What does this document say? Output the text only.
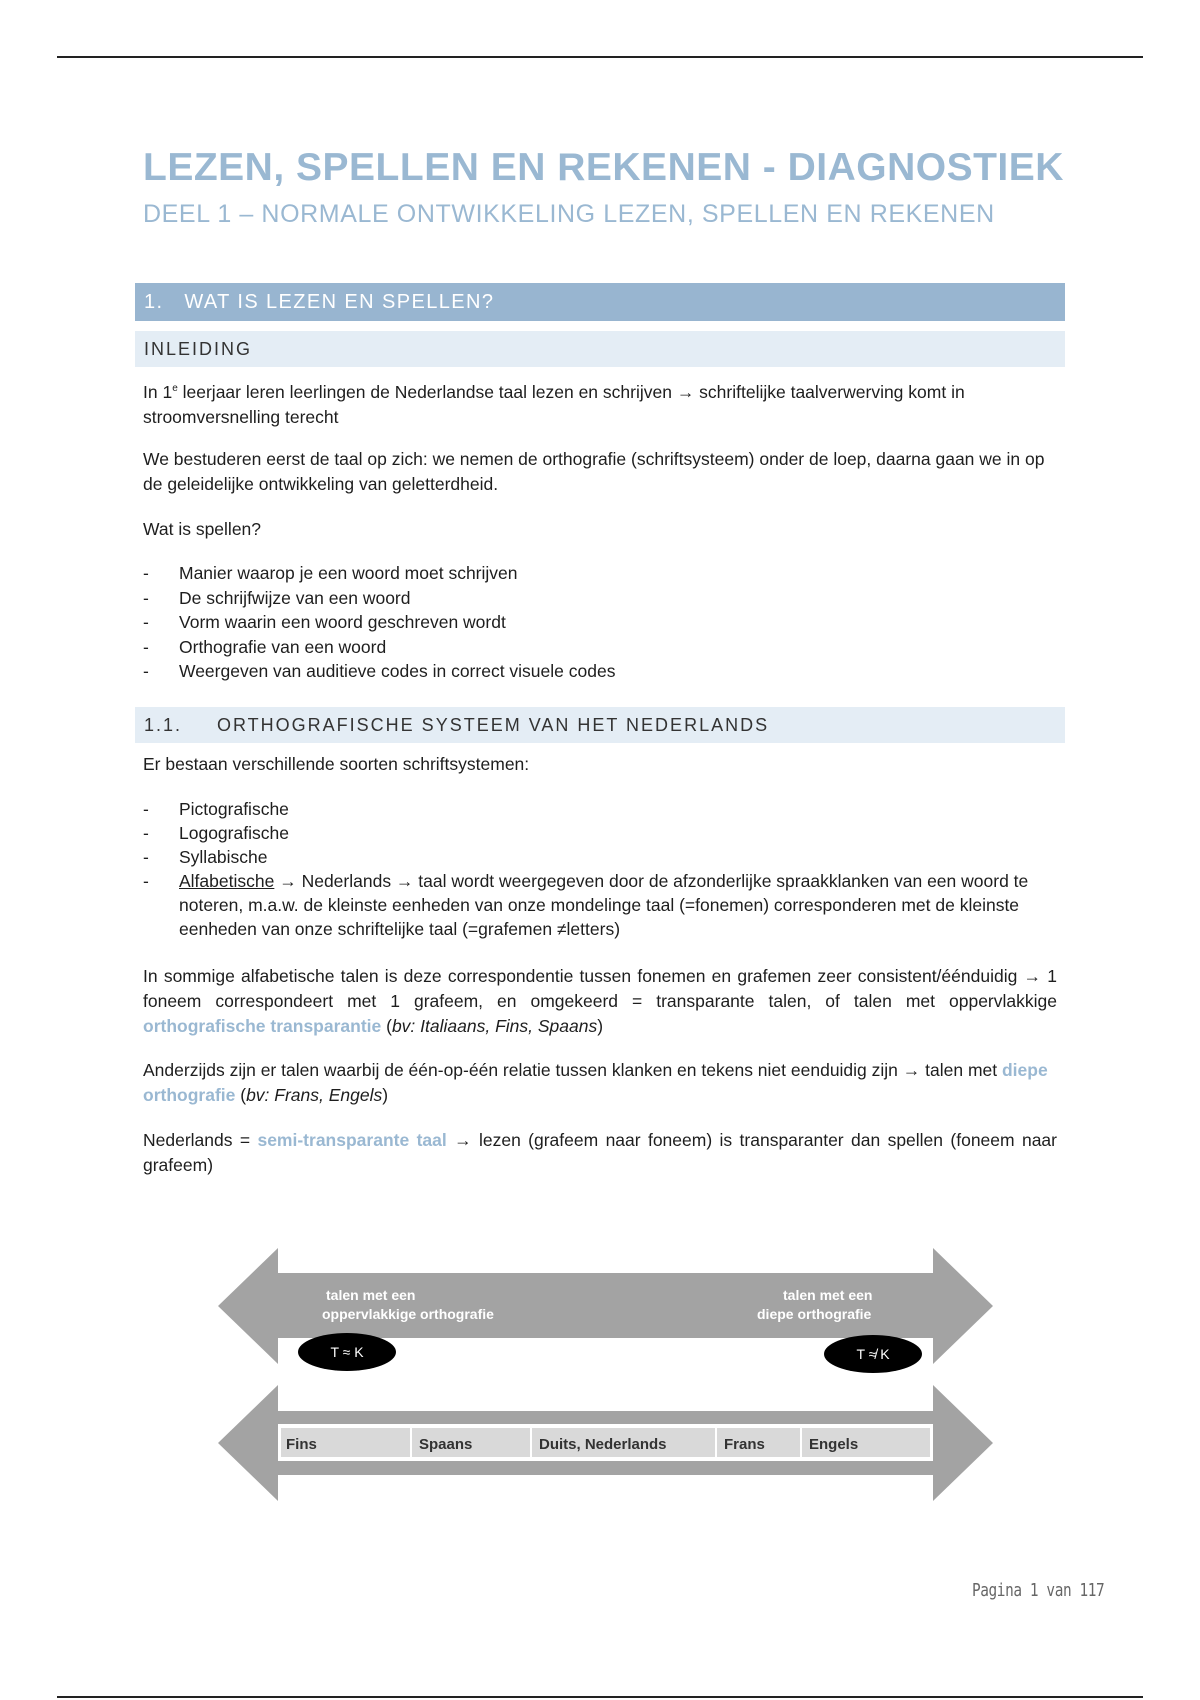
LEZEN, SPELLEN EN REKENEN - DIAGNOSTIEK
DEEL 1 – NORMALE ONTWIKKELING LEZEN, SPELLEN EN REKENEN
1. WAT IS LEZEN EN SPELLEN?
INLEIDING
In 1e leerjaar leren leerlingen de Nederlandse taal lezen en schrijven → schriftelijke taalverwerving komt in stroomversnelling terecht
We bestuderen eerst de taal op zich: we nemen de orthografie (schriftsysteem) onder de loep, daarna gaan we in op de geleidelijke ontwikkeling van geletterdheid.
Wat is spellen?
- Manier waarop je een woord moet schrijven
- De schrijfwijze van een woord
- Vorm waarin een woord geschreven wordt
- Orthografie van een woord
- Weergeven van auditieve codes in correct visuele codes
1.1. ORTHOGRAFISCHE SYSTEEM VAN HET NEDERLANDS
Er bestaan verschillende soorten schriftsystemen:
- Pictografische
- Logografische
- Syllabische
- Alfabetische → Nederlands → taal wordt weergegeven door de afzonderlijke spraakklanken van een woord te noteren, m.a.w. de kleinste eenheden van onze mondelinge taal (=fonemen) corresponderen met de kleinste eenheden van onze schriftelijke taal (=grafemen ≠letters)
In sommige alfabetische talen is deze correspondentie tussen fonemen en grafemen zeer consistent/éénduidig → 1 foneem correspondeert met 1 grafeem, en omgekeerd = transparante talen, of talen met oppervlakkige orthografische transparantie (bv: Italiaans, Fins, Spaans)
Anderzijds zijn er talen waarbij de één-op-één relatie tussen klanken en tekens niet eenduidig zijn → talen met diepe orthografie (bv: Frans, Engels)
Nederlands = semi-transparante taal → lezen (grafeem naar foneem) is transparanter dan spellen (foneem naar grafeem)
Fins	Spaans	Duits, Nederlands	Frans	Engels
talen met een
oppervlakkige orthografie
talen met een
diepe orthografie
T ≈ K	T ≉ K
Pagina 1 van 117
